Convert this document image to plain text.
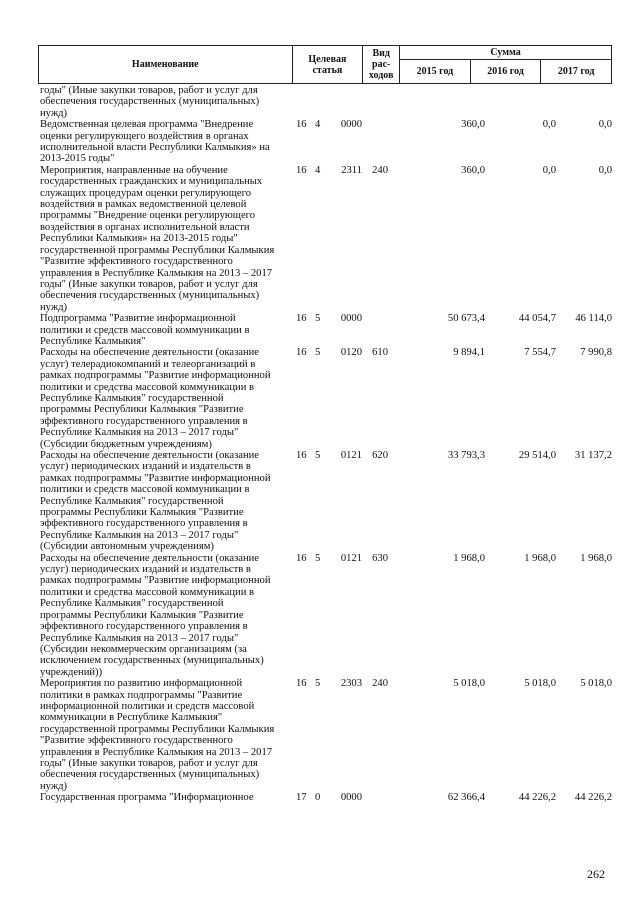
Наименование	Целевая статья	Вид рас-ходов	Сумма		
			2015 год	2016 год	2017 год
годы" (Иные закупки товаров, работ и услуг для
обеспечения государственных (муниципальных)
нужд)
Ведомственная целевая программа "Внедрение
оценки регулирующего воздействия в органах
исполнительной власти Республики Калмыкия» на
2013-2015 годы"
16 4	0000	360,0	0,0	0,0
Мероприятия, направленные на обучение
государственных гражданских и муниципальных
служащих процедурам оценки регулирующего
воздействия в рамках ведомственной целевой
программы "Внедрение оценки регулирующего
воздействия в органах исполнительной власти
Республики Калмыкия» на 2013-2015 годы"
государственной программы Республики Калмыкия
"Развитие эффективного государственного
управления в Республике Калмыкия на 2013 – 2017
годы" (Иные закупки товаров, работ и услуг для
обеспечения государственных (муниципальных)
нужд)
16 4	2311 240	360,0	0,0	0,0
Подпрограмма "Развитие информационной
политики и средств массовой коммуникации в
Республике Калмыкия"
16 5	0000	50 673,4	44 054,7	46 114,0
Расходы на обеспечение деятельности (оказание
услуг) телерадиокомпаний и телеорганизаций в
рамках подпрограммы "Развитие информационной
политики и средства массовой коммуникации в
Республике Калмыкия" государственной
программы Республики Калмыкия "Развитие
эффективного государственного управления в
Республике Калмыкия на 2013 – 2017 годы"
(Субсидии бюджетным учреждениям)
16 5	0120 610	9 894,1	7 554,7	7 990,8
Расходы на обеспечение деятельности (оказание
услуг) периодических изданий и издательств в
рамках подпрограммы "Развитие информационной
политики и средств массовой коммуникации в
Республике Калмыкия" государственной
программы Республики Калмыкия "Развитие
эффективного государственного управления в
Республике Калмыкия на 2013 – 2017 годы"
(Субсидии автономным учреждениям)
16 5	0121 620	33 793,3	29 514,0	31 137,2
Расходы на обеспечение деятельности (оказание
услуг) периодических изданий и издательств в
рамках подпрограммы "Развитие информационной
политики и средства массовой коммуникации в
Республике Калмыкия" государственной
программы Республики Калмыкия "Развитие
эффективного государственного управления в
Республике Калмыкия на 2013 – 2017 годы"
(Субсидии некоммерческим организациям (за
исключением государственных (муниципальных)
учреждений))
16 5	0121 630	1 968,0	1 968,0	1 968,0
Мероприятия по развитию информационной
политики в рамках подпрограммы "Развитие
информационной политики и средств массовой
коммуникации в Республике Калмыкия"
государственной программы Республики Калмыкия
"Развитие эффективного государственного
управления в Республике Калмыкия на 2013 – 2017
годы" (Иные закупки товаров, работ и услуг для
обеспечения государственных (муниципальных)
нужд)
16 5	2303 240	5 018,0	5 018,0	5 018,0
Государственная программа "Информационное	17 0	0000	62 366,4	44 226,2	44 226,2
262
